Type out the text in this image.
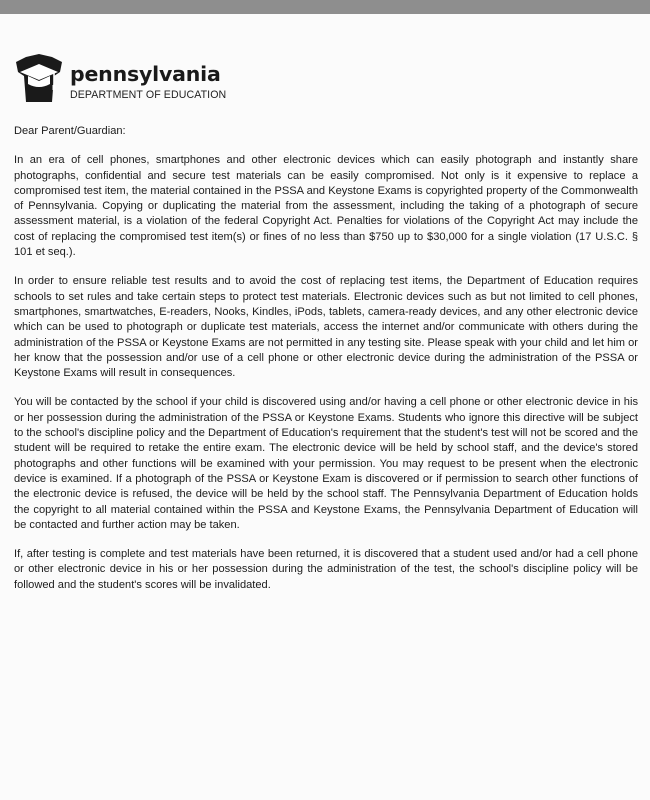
pennsylvania
DEPARTMENT OF EDUCATION

Dear Parent/Guardian:

In an era of cell phones, smartphones and other electronic devices which can easily photograph and instantly share photographs, confidential and secure test materials can be easily compromised. Not only is it expensive to replace a compromised test item, the material contained in the PSSA and Keystone Exams is copyrighted property of the Commonwealth of Pennsylvania. Copying or duplicating the material from the assessment, including the taking of a photograph of secure assessment material, is a violation of the federal Copyright Act. Penalties for violations of the Copyright Act may include the cost of replacing the compromised test item(s) or fines of no less than $750 up to $30,000 for a single violation (17 U.S.C. § 101 et seq.).

In order to ensure reliable test results and to avoid the cost of replacing test items, the Department of Education requires schools to set rules and take certain steps to protect test materials. Electronic devices such as but not limited to cell phones, smartphones, smartwatches, E-readers, Nooks, Kindles, iPods, tablets, camera-ready devices, and any other electronic device which can be used to photograph or duplicate test materials, access the internet and/or communicate with others during the administration of the PSSA or Keystone Exams are not permitted in any testing site. Please speak with your child and let him or her know that the possession and/or use of a cell phone or other electronic device during the administration of the PSSA or Keystone Exams will result in consequences.

You will be contacted by the school if your child is discovered using and/or having a cell phone or other electronic device in his or her possession during the administration of the PSSA or Keystone Exams. Students who ignore this directive will be subject to the school's discipline policy and the Department of Education's requirement that the student's test will not be scored and the student will be required to retake the entire exam. The electronic device will be held by school staff, and the device's stored photographs and other functions will be examined with your permission. You may request to be present when the electronic device is examined. If a photograph of the PSSA or Keystone Exam is discovered or if permission to search other functions of the electronic device is refused, the device will be held by the school staff. The Pennsylvania Department of Education holds the copyright to all material contained within the PSSA and Keystone Exams, the Pennsylvania Department of Education will be contacted and further action may be taken.

If, after testing is complete and test materials have been returned, it is discovered that a student used and/or had a cell phone or other electronic device in his or her possession during the administration of the test, the school's discipline policy will be followed and the student's scores will be invalidated.
